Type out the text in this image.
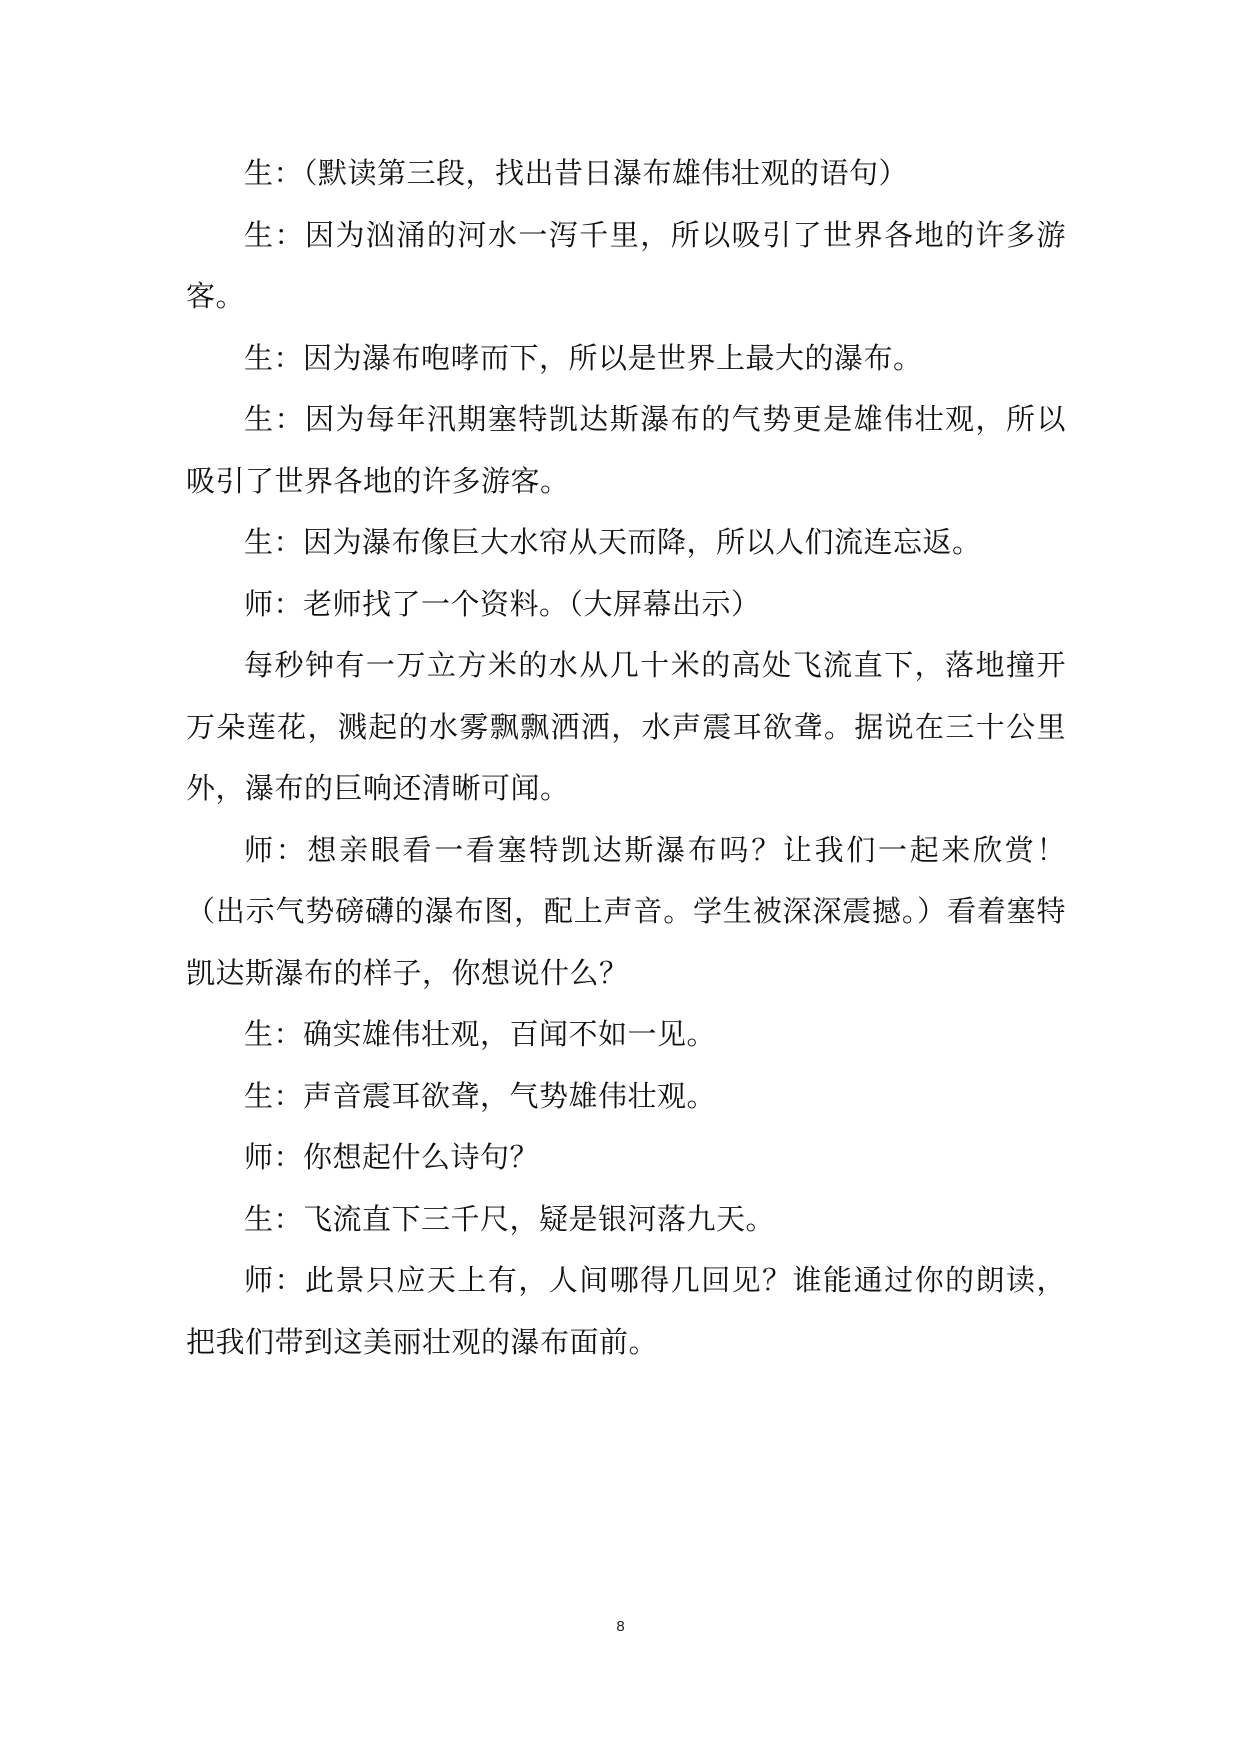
生：（默读第三段，找出昔日瀑布雄伟壮观的语句）

生：因为汹涌的河水一泻千里，所以吸引了世界各地的许多游客。

生：因为瀑布咆哮而下，所以是世界上最大的瀑布。

生：因为每年汛期塞特凯达斯瀑布的气势更是雄伟壮观，所以吸引了世界各地的许多游客。

生：因为瀑布像巨大水帘从天而降，所以人们流连忘返。

师：老师找了一个资料。（大屏幕出示）

每秒钟有一万立方米的水从几十米的高处飞流直下，落地撞开万朵莲花，溅起的水雾飘飘洒洒，水声震耳欲聋。据说在三十公里外，瀑布的巨响还清晰可闻。

师：想亲眼看一看塞特凯达斯瀑布吗？让我们一起来欣赏！（出示气势磅礴的瀑布图，配上声音。学生被深深震撼。）看着塞特凯达斯瀑布的样子，你想说什么？

生：确实雄伟壮观，百闻不如一见。

生：声音震耳欲聋，气势雄伟壮观。

师：你想起什么诗句？

生：飞流直下三千尺，疑是银河落九天。

师：此景只应天上有，人间哪得几回见？谁能通过你的朗读，把我们带到这美丽壮观的瀑布面前。

8
